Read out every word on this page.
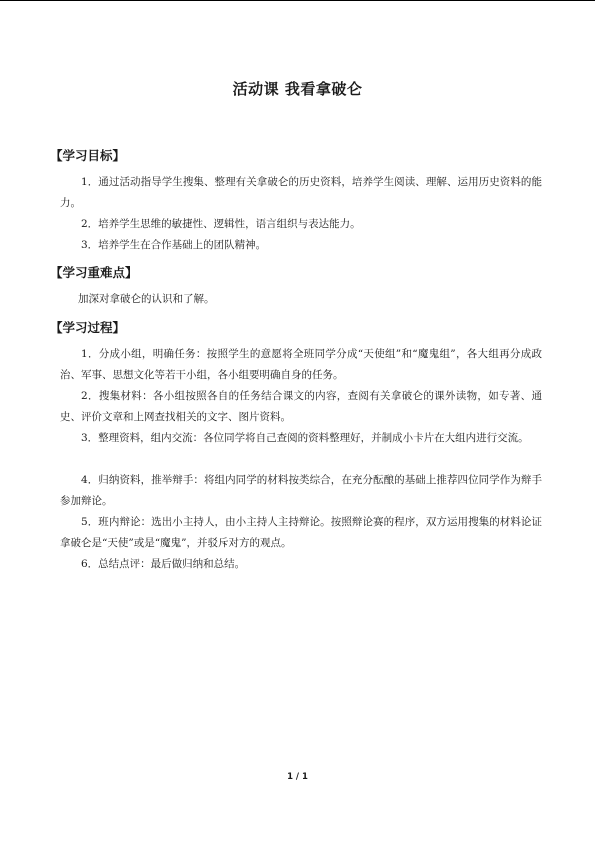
活动课 我看拿破仑
【学习目标】

1．通过活动指导学生搜集、整理有关拿破仑的历史资料，培养学生阅读、理解、运用历史资料的能力。

2．培养学生思维的敏捷性、逻辑性，语言组织与表达能力。

3．培养学生在合作基础上的团队精神。

【学习重难点】

加深对拿破仑的认识和了解。

【学习过程】

1．分成小组，明确任务：按照学生的意愿将全班同学分成“天使组”和“魔鬼组”，各大组再分成政治、军事、思想文化等若干小组，各小组要明确自身的任务。

2．搜集材料：各小组按照各自的任务结合课文的内容，查阅有关拿破仑的课外读物，如专著、通史、评价文章和上网查找相关的文字、图片资料。

3．整理资料，组内交流：各位同学将自己查阅的资料整理好，并制成小卡片在大组内进行交流。

4．归纳资料，推举辩手：将组内同学的材料按类综合，在充分酝酿的基础上推荐四位同学作为辩手参加辩论。

5．班内辩论：选出小主持人，由小主持人主持辩论。按照辩论赛的程序，双方运用搜集的材料论证拿破仑是“天使”或是“魔鬼”，并驳斥对方的观点。

6．总结点评：最后做归纳和总结。

1 / 1
